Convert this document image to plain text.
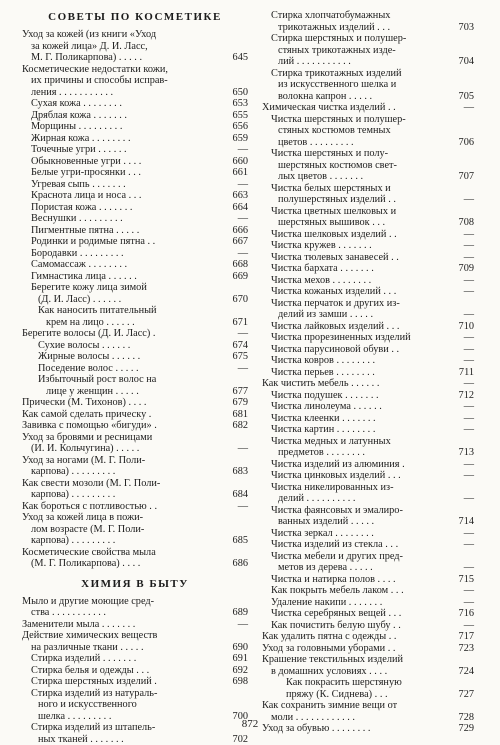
СОВЕТЫ ПО КОСМЕТИКЕ
Уход за кожей (из книги «Уход
за кожей лица» Д. И. Лacc,
М. Г. Поликарпова) . . . . .	645
Косметические недостатки кожи,
их причины и способы исправ-
ления . . . . . . . . . . .	650
Сухая кожа . . . . . . . .	653
Дряблая кожа . . . . . . .	655
Морщины . . . . . . . . .	656
Жирная кожа . . . . . . . .	659
Точечные угри . . . . . .	—
Обыкновенные угри . . . .	660
Белые угри-просянки . . .	661
Угревая сыпь . . . . . . .	—
Краснота лица и носа . . .	663
Пористая кожа . . . . . . .	664
Веснушки . . . . . . . . .	—
Пигментные пятна . . . . .	666
Родинки и родимые пятна . .	667
Бородавки . . . . . . . . .	—
Самомассаж . . . . . . . .	668
Гимнастика лица . . . . . .	669
Берегите кожу лица зимой
(Д. И. Ласс) . . . . . .	670
Как наносить питательный
крем на лицо . . . . . .	671
Берегите волосы (Д. И. Ласс) .	—
Сухие волосы . . . . . .	674
Жирные волосы . . . . . .	675
Поседение волос . . . . .	—
Избыточный рост волос на
лице у женщин . . . . .	677
Прически (М. Тихонов) . . . .	679
Как самой сделать прическу .	681
Завивка с помощью «бигуди» .	682
Уход за бровями и ресницами
(И. И. Кольчугина) . . . . .	—
Уход за ногами (М. Г. Поли-
карпова) . . . . . . . . .	683
Как свести мозоли (М. Г. Поли-
карпова) . . . . . . . . .	684
Как бороться с потливостью . .	—
Уход за кожей лица в пожи-
лом возрасте (М. Г. Поли-
карпова) . . . . . . . . .	685
Косметические свойства мыла
(М. Г. Поликарпова) . . . .	686
ХИМИЯ В БЫТУ
Мыло и другие моющие сред-
ства . . . . . . . . . . .	689
Заменители мыла . . . . . . .	—
Действие химических веществ
на различные ткани . . . . .	690
Стирка изделий . . . . . . .	691
Стирка белья и одежды . . .	692
Стирка шерстяных изделий .	698
Стирка изделий из натураль-
ного и искусственного
шелка . . . . . . . . .	700
Стирка изделий из штапель-
ных тканей . . . . . . .	702
Стирка хлопчатобумажных
трикотажных изделий . . .	703
Стирка шерстяных и полушер-
стяных трикотажных изде-
лий . . . . . . . . . . .	704
Стирка трикотажных изделий
из искусственного шелка и
волокна капрон . . . . .	705
Химическая чистка изделий . .	—
Чистка шерстяных и полушер-
стяных костюмов темных
цветов . . . . . . . . .	706
Чистка шерстяных и полу-
шерстяных костюмов свет-
лых цветов . . . . . . .	707
Чистка белых шерстяных и
полушерстяных изделий . .	—
Чистка цветных шелковых и
шерстяных вышивок . . .	708
Чистка шелковых изделий . .	—
Чистка кружев . . . . . . .	—
Чистка тюлевых занавесей . .	—
Чистка бархата . . . . . . .	709
Чистка мехов . . . . . . . .	—
Чистка кожаных изделий . . .	—
Чистка перчаток и других из-
делий из замши . . . . .	—
Чистка лайковых изделий . . .	710
Чистка прорезиненных изделий	—
Чистка парусиновой обуви . .	—
Чистка ковров . . . . . . . .	—
Чистка перьев . . . . . . . .	711
Как чистить мебель . . . . . .	—
Чистка подушек . . . . . . .	712
Чистка линолеума . . . . . .	—
Чистка клеенки . . . . . . .	—
Чистка картин . . . . . . . .	—
Чистка медных и латунных
предметов . . . . . . . .	713
Чистка изделий из алюминия .	—
Чистка цинковых изделий . . .	—
Чистка никелированных из-
делий . . . . . . . . . .	—
Чистка фаянсовых и эмалиро-
ванных изделий . . . . .	714
Чистка зеркал . . . . . . . .	—
Чистка изделий из стекла . . .	—
Чистка мебели и других пред-
метов из дерева . . . . .	—
Чистка и натирка полов . . . .	715
Как покрыть мебель лаком . . .	—
Удаление накипи . . . . . . .	—
Чистка серебряных вещей . . .	716
Как почистить белую шубу . .	—
Как удалить пятна с одежды . .	717
Уход за головными уборами . .	723
Крашение текстильных изделий
в домашних условиях . . . .	724
Как покрасить шерстяную
пряжу (К. Сиднева) . . .	727
Как сохранить зимние вещи от
моли . . . . . . . . . . . .	728
Уход за обувью . . . . . . . .	729
872
